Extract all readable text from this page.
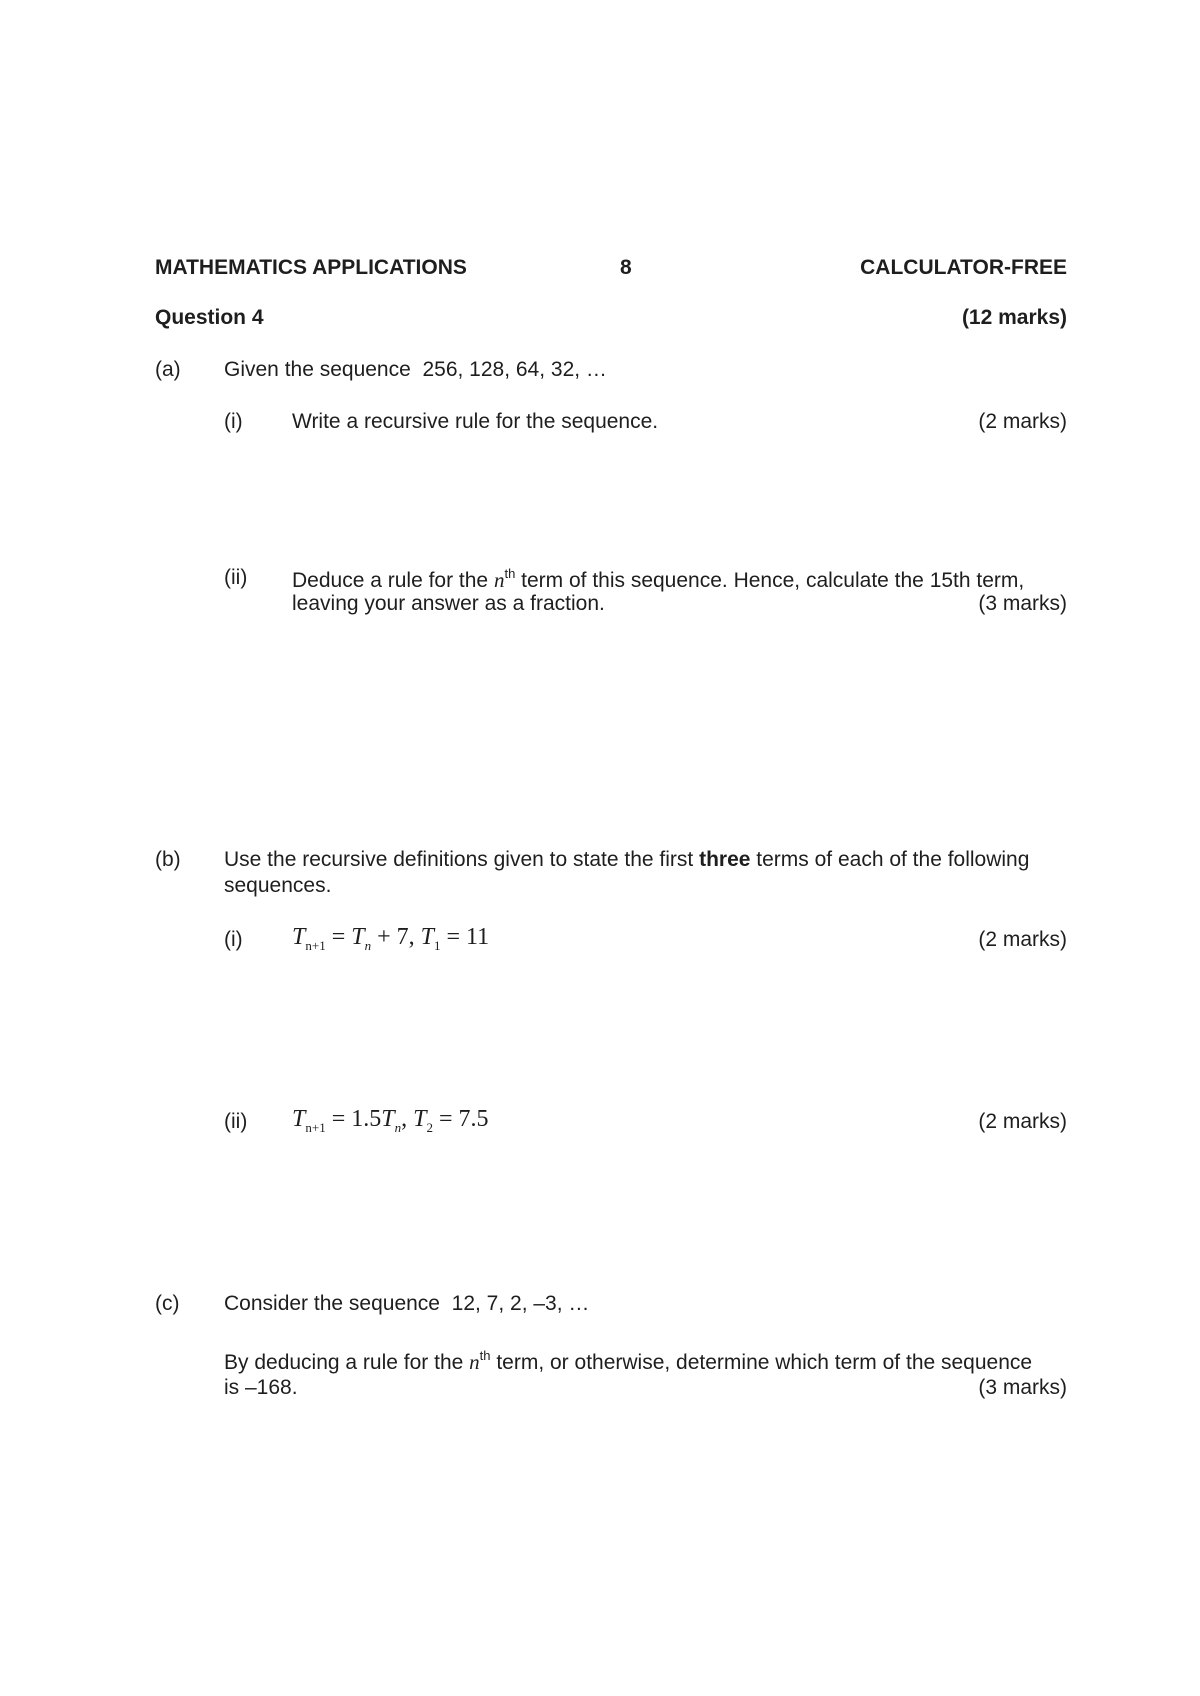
MATHEMATICS APPLICATIONS	8	CALCULATOR-FREE
Question 4	(12 marks)
(a) Given the sequence  256, 128, 64, 32, …
(i) Write a recursive rule for the sequence.	(2 marks)
(ii) Deduce a rule for the $n^{th}$ term of this sequence. Hence, calculate the 15th term,
leaving your answer as a fraction.	(3 marks)
(b) Use the recursive definitions given to state the first three terms of each of the following
sequences.
(i) $T_{n+1} = T_n + 7$, $T_1 = 11$	(2 marks)
(ii) $T_{n+1} = 1.5T_n$, $T_2 = 7.5$	(2 marks)
(c) Consider the sequence  12, 7, 2, –3, …
By deducing a rule for the $n^{th}$ term, or otherwise, determine which term of the sequence
is –168.	(3 marks)
